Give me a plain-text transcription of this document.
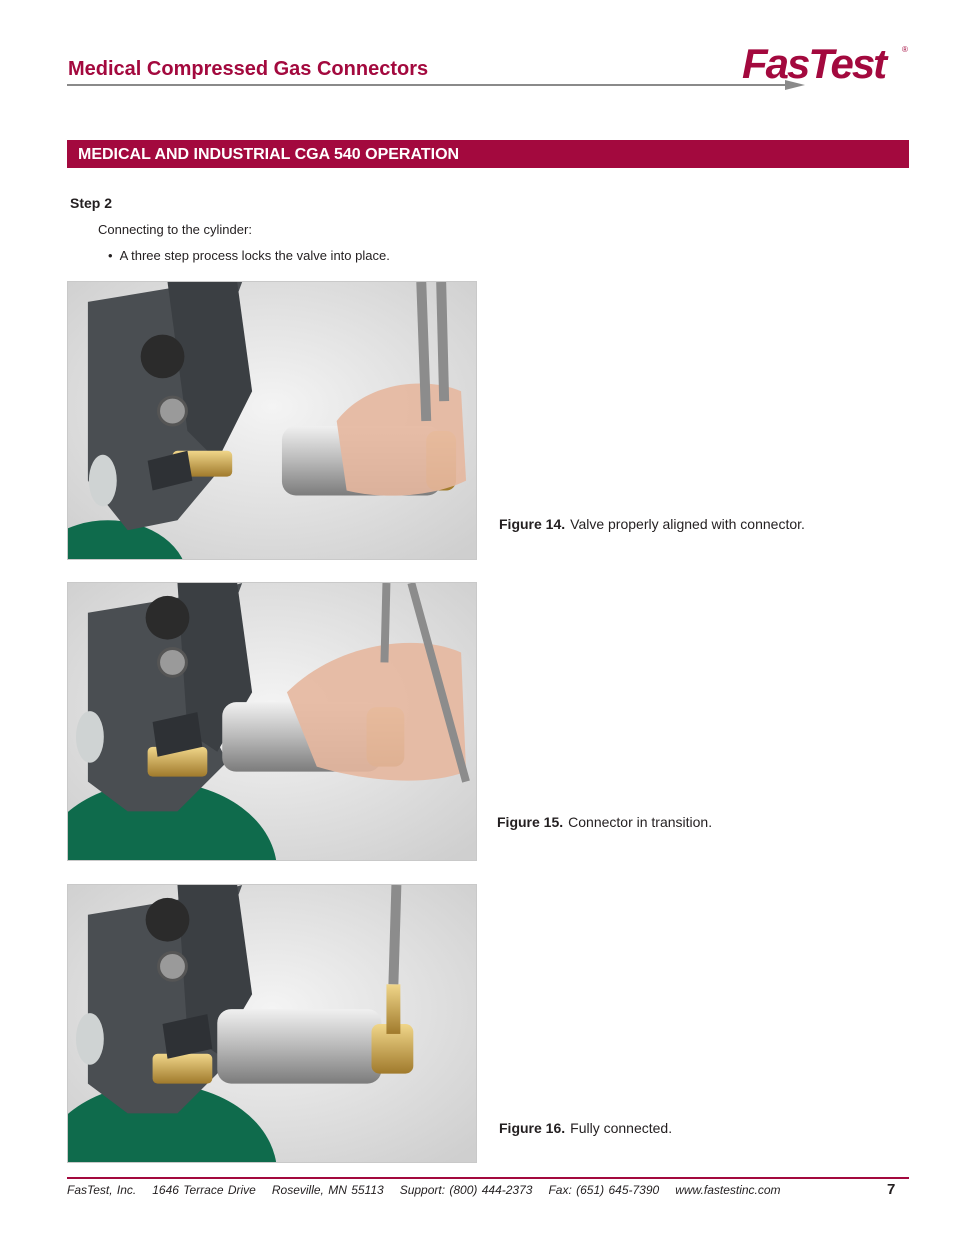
Medical Compressed Gas Connectors	FasTest	®
MEDICAL AND INDUSTRIAL CGA 540 OPERATION

Step 2

Connecting to the cylinder:

• A three step process locks the valve into place.

Figure 14. Valve properly aligned with connector.

Figure 15. Connector in transition.

Figure 16. Fully connected.

FasTest, Inc. 1646 Terrace Drive Roseville, MN 55113 Support: (800) 444-2373 Fax: (651) 645-7390 www.fastestinc.com	7
